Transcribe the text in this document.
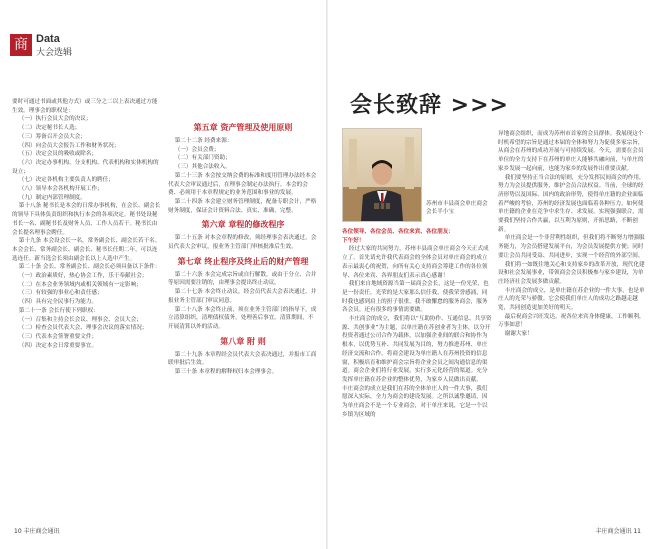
商 Data
大会选辑

要时可通过书面或其他方式）或三分之二以上表决通过方能生效。理事会的职权是：

（一）执行会员大会的决议；

（二）决定秘书长人选；

（三）筹备召开会员大会；

（四）向会员大会报告工作和财务状况；

（五）决定会员的吸收或除名；

（六）决定办事机构、分支机构、代表机构和实体机构的设立；

（七）决定各机构主要负责人的聘任；

（八）领导本会各机构开展工作；

（九）制定内部管理制度。

第十八条 秘书长是本会的日常办事机构，在会长、副会长的领导下具体负责组织和执行本会的各项决定。秘书处设秘书长一名、副秘书长及财务人员、工作人员若干。秘书长由会长提名理事会聘任。

第十九条 本会设会长一名，常务副会长、副会长若干名。本会会长、常务副会长、副会长、秘书长任期二年，可以连选连任。新当选会长须由副会长以上人选中产生。

第二十条 会长、常务副会长、副会长必须具备以下条件：

（一）政治素质好，热心协会工作，乐于奉献社会；

（二）在本会业务领域内或相关领域有一定影响；

（三）有较强的事业心和责任感；

（四）具有完全民事行为能力。

第二十一条 会长行使下列职权：

（一）召集和主持会长会议、理事会、会员大会；

（二）检查会员代表大会、理事会决议的落实情况；

（三）代表本会签署重要文件；

（四）决定本会日常重要事宜。

第五章 资产管理及使用原则

第二十二条 经费来源：

（一）会员会费；

（二）有关部门资助；

（三）其他合法收入。

第二十三条 本会按交纳会费的标准和度用管理办法经本会代表大会审议通过后，在理事会制定办法执行。本会的会费、必须用于本章程规定的业务范围和事业的发展。

第二十四条 本会建立财务管理制度，配备专职会计，严格财务制度，保证会计资料合法、真实、准确、完整。

第六章 章程的修改程序

第二十五条 对本会章程的修改，须经理事会表决通过，会员代表大会审议，报业务主管部门审核批准后生效。

第七章 终止程序及终止后的财产管理

第二十六条 本会完成宗旨或自行解散，或由于分立、合并等原因需要注销的，由理事会提出终止动议。

第二十七条 本会终止动议，经会员代表大会表决通过，并报业务主管部门审议同意。

第二十八条 本会终止前，须在业务主管部门的指导下，成立清算组织，清理债权债务，处理善后事宜。清算期间，不开展清算以外的活动。

第八章 附 则

第二十九条 本章程经会员代表大会表决通过，并报市工商联审批后生效。

第三十条 本章程的解释权归本会理事会。

10 丰庄商会通讯
会长致辞 >>>
苏州市丰县商会单庄商会
会长半小宝

各位领导、各位会员、各位来宾、各位朋友：

下午好！

经过大家的共同努力，苏州丰县商会单庄商会今天正式成立了。首先请允许我代表商会的全体会员对单庄商会的成立表示最衷心的祝贺，向所有关心支持商会筹建工作的各位领导、各位来宾、各界朋友们表示真心感谢！

我们来自地域资源当第一届商会会长，这是一份光荣，也是一份责任，光荣的是大家那么信任我，使我荣誉感涌，同时我也感到肩上的担子很重。我不敢懈怠的服务商会，服务各会员。还有很多的事情需要做。

丰庄商会的成立，我们将以“互助协作、互通信息、共享资源、共创事业”为主题，以单庄籍在苏创业者为主体，以分开投资者通过公司合作为载体，以加强企业间的联合和协作为根本，以优势互补、共同发展为目的，努力推进苏州、单庄经济交流和合作。将商会建设为单庄籍人在苏州投资的信息窗，积极培育和维护商会宗旨将企业会员之间沟通信息的渠道。商会企业们将行业发展，实行多元化经营的渠道。充分发挥单庄籍在苏企业的整体优势，为家乡人民做出贡献。

丰庄商会的成立是我们在苏的全体单庄人的一件大事，我们愿深入实际，全力为商会的建设发展。之所以诚挚邀请，因为单庄商会不是一个专业商会，对于单庄来说，它是一个以乡镇为区域的

异地商会组织，而成为苏州市首家的会员群体。我展现这个时机希望的宗旨是通过本届的全体和努力为促使多家宗旨，从商会在苏州的成功开展与可持续发展。今天，需要在会员单位的全力支持下在苏州的单庄人能够共融向前，与单庄的家乡发展一起向前，也能为家乡的发展作出重要贡献。

我们要坚持正当合法的原则，充分发挥民间商会的作用，努力为会员提供服务，维护会员合法权益。当前，全球的经济形势以及国际、国内的政治形势，使得单庄籍的企业面临着严峻的考验，苏州的经济发展也面临着各种压力。如何使单庄籍的企业在竞争中求生存、求发展，实现强强联合，需要我们坚持合作共赢，以互利为原则，开拓思路，不断创新。

单庄商会是一个非营利性组织，但我们将不断努力增强服务能力，为会员搭建发展平台，为会员发展提供方便；同时要让会员共同受益、共同进步，实现一个经营的外部空间。

我们将一如既往地关心和支持家乡的改革开放，现代化建设和社会发展事业，带领商会会员积极参与家乡建设，为单庄经济社会发展多做贡献。

丰庄商会的成立，是单庄籍在苏企业的一件大事，也是单庄人的光荣与骄傲。它会使我们单庄人的成功之路越走越宽，共同创造更加美好的明天。

最后祝商会兴旺发达，祝各位来宾身体健康，工作顺利，万事如意！

谢谢大家！

丰庄商会通讯 11
